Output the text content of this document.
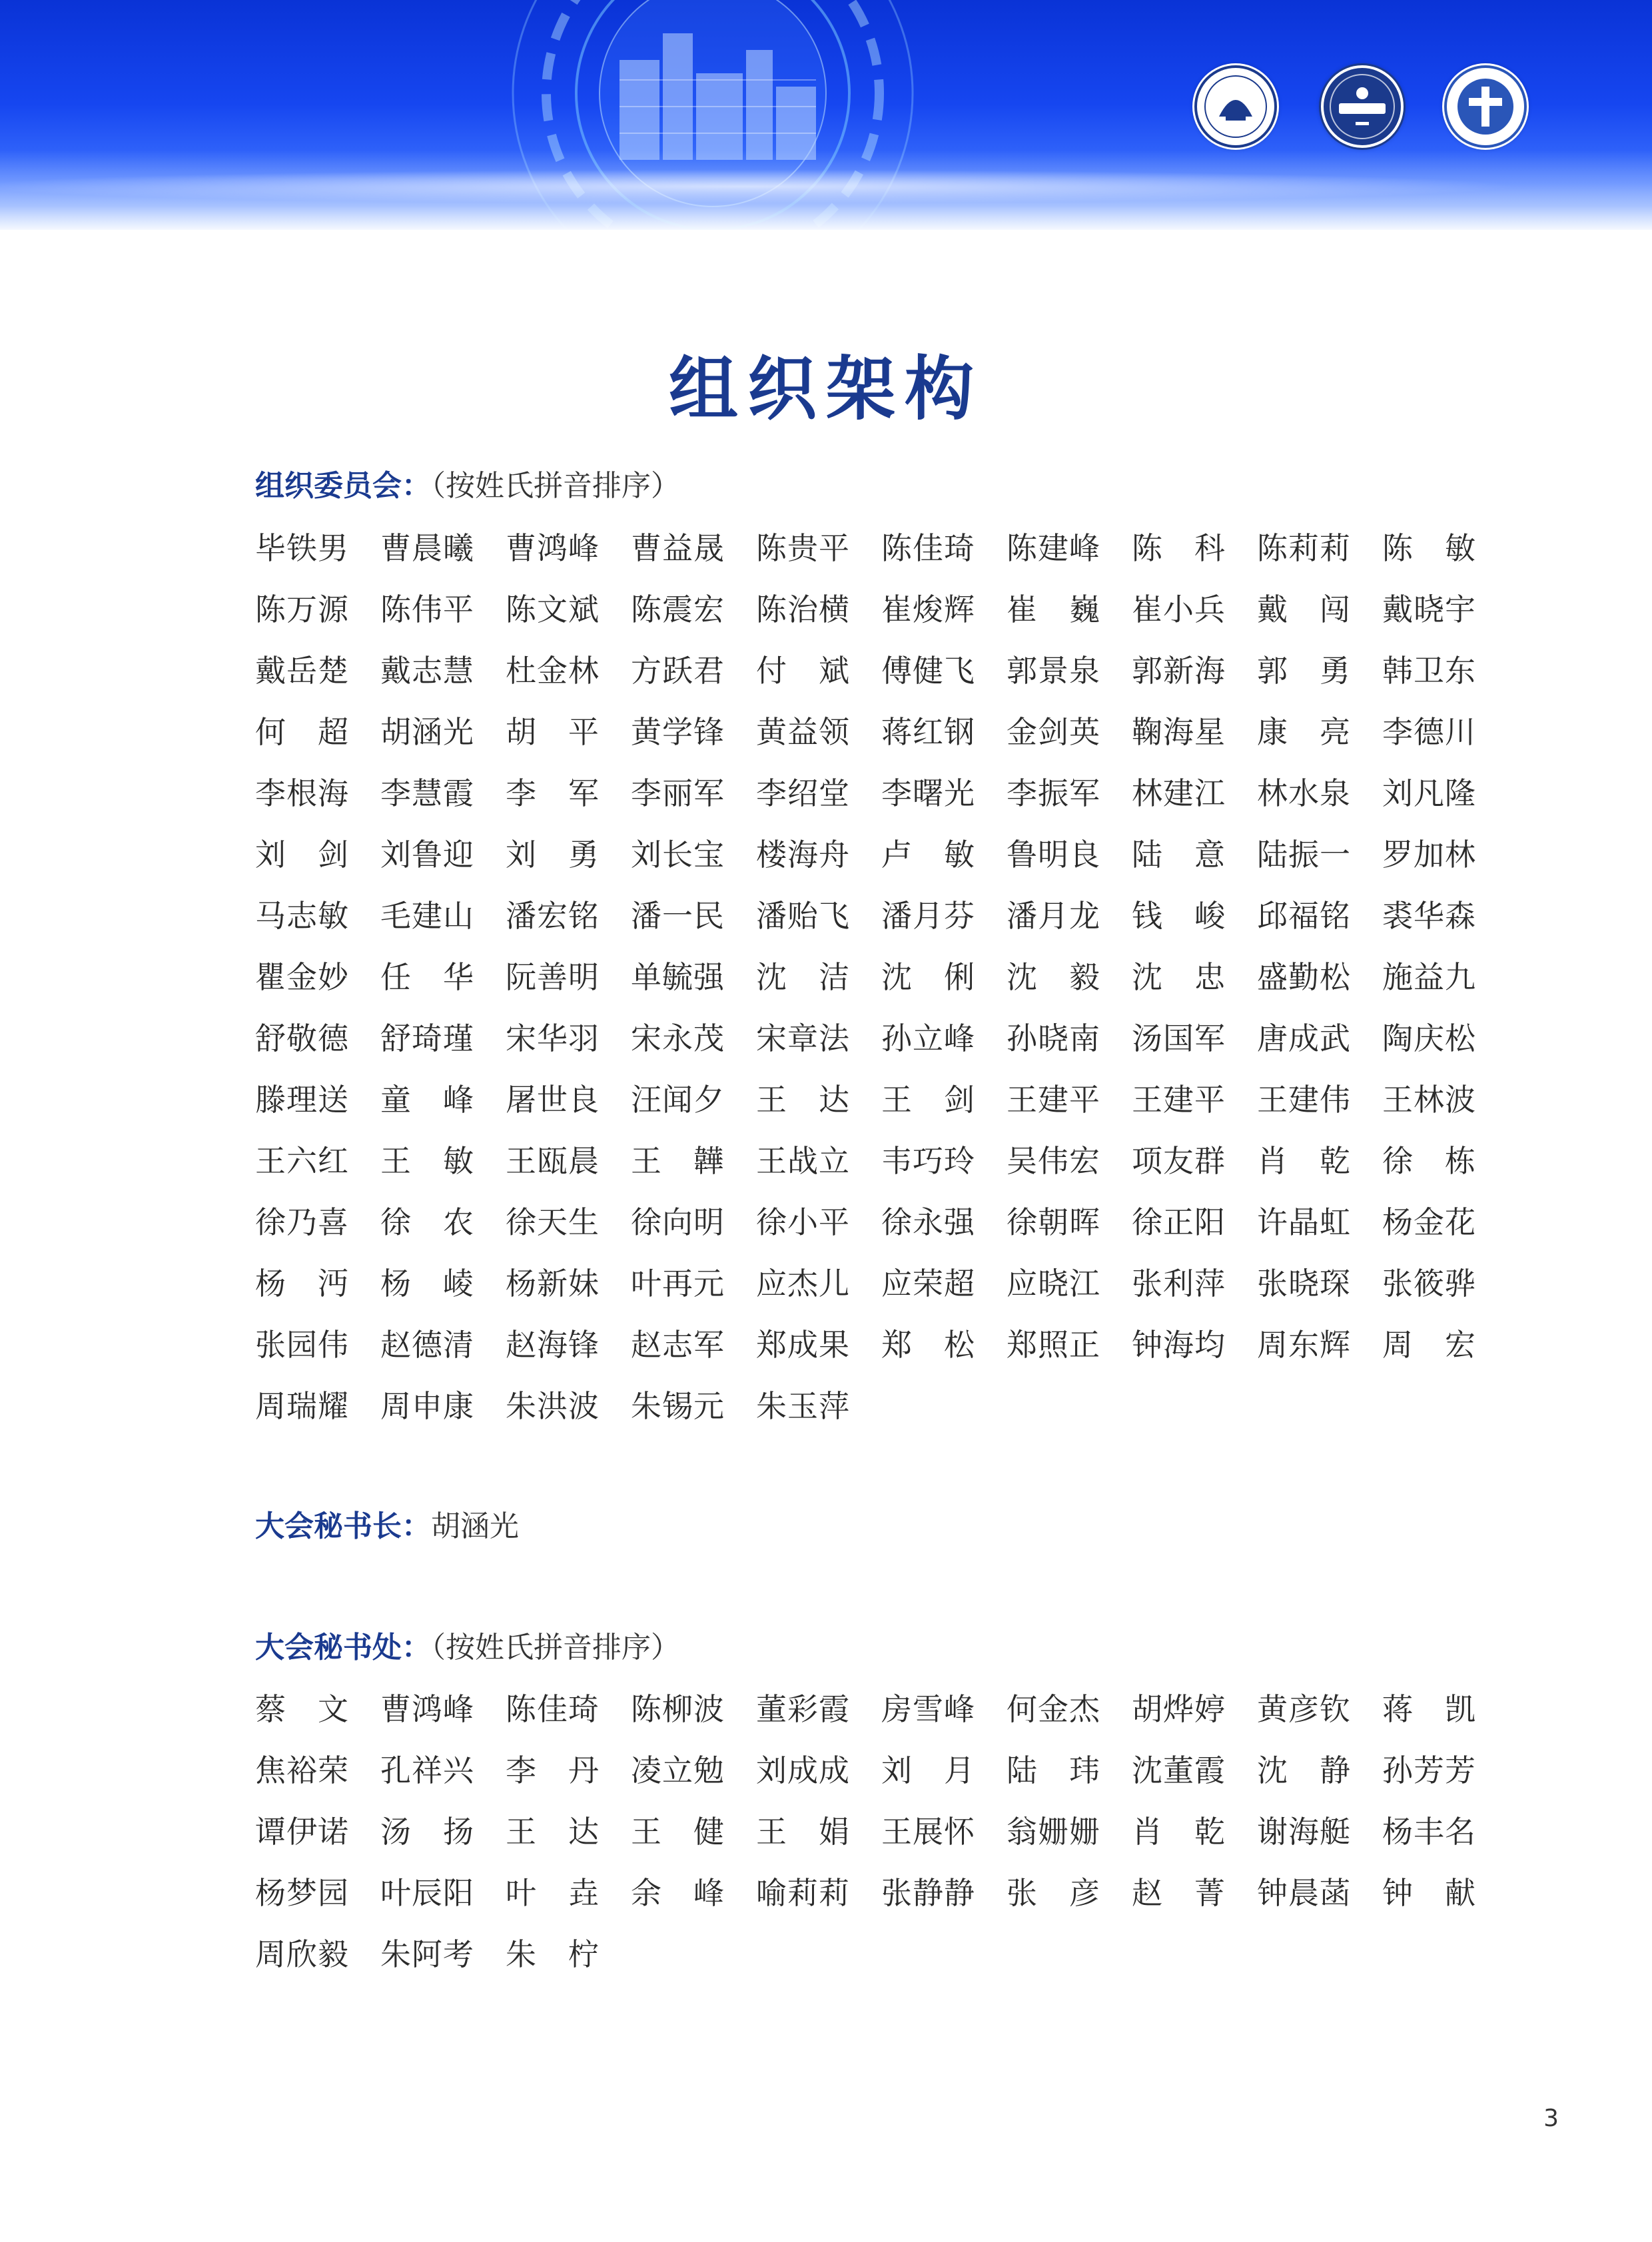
组织架构
组织委员会：（按姓氏拼音排序）
毕铁男 曹晨曦 曹鸿峰 曹益晟 陈贵平 陈佳琦 陈建峰 陈　科 陈莉莉 陈　敏
陈万源 陈伟平 陈文斌 陈震宏 陈治横 崔焌辉 崔　巍 崔小兵 戴　闯 戴晓宇
戴岳楚 戴志慧 杜金林 方跃君 付　斌 傅健飞 郭景泉 郭新海 郭　勇 韩卫东
何　超 胡涵光 胡　平 黄学锋 黄益领 蒋红钢 金剑英 鞠海星 康　亮 李德川
李根海 李慧霞 李　军 李丽军 李绍堂 李曙光 李振军 林建江 林水泉 刘凡隆
刘　剑 刘鲁迎 刘　勇 刘长宝 楼海舟 卢　敏 鲁明良 陆　意 陆振一 罗加林
马志敏 毛建山 潘宏铭 潘一民 潘贻飞 潘月芬 潘月龙 钱　峻 邱福铭 裘华森
瞿金妙 任　华 阮善明 单毓强 沈　洁 沈　俐 沈　毅 沈　忠 盛勤松 施益九
舒敬德 舒琦瑾 宋华羽 宋永茂 宋章法 孙立峰 孙晓南 汤国军 唐成武 陶庆松
滕理送 童　峰 屠世良 汪闻夕 王　达 王　剑 王建平 王建平 王建伟 王林波
王六红 王　敏 王瓯晨 王　韡 王战立 韦巧玲 吴伟宏 项友群 肖　乾 徐　栋
徐乃喜 徐　农 徐天生 徐向明 徐小平 徐永强 徐朝晖 徐正阳 许晶虹 杨金花
杨　沔 杨　崚 杨新妹 叶再元 应杰儿 应荣超 应晓江 张利萍 张晓琛 张筱骅
张园伟 赵德清 赵海锋 赵志军 郑成果 郑　松 郑照正 钟海均 周东辉 周　宏
周瑞耀 周申康 朱洪波 朱锡元 朱玉萍
大会秘书长：胡涵光
大会秘书处：（按姓氏拼音排序）
蔡　文 曹鸿峰 陈佳琦 陈柳波 董彩霞 房雪峰 何金杰 胡烨婷 黄彦钦 蒋　凯
焦裕荣 孔祥兴 李　丹 凌立勉 刘成成 刘　月 陆　玮 沈董霞 沈　静 孙芳芳
谭伊诺 汤　扬 王　达 王　健 王　娟 王展怀 翁姗姗 肖　乾 谢海艇 杨丰名
杨梦园 叶辰阳 叶　垚 余　峰 喻莉莉 张静静 张　彦 赵　菁 钟晨菡 钟　献
周欣毅 朱阿考 朱　柠
3
